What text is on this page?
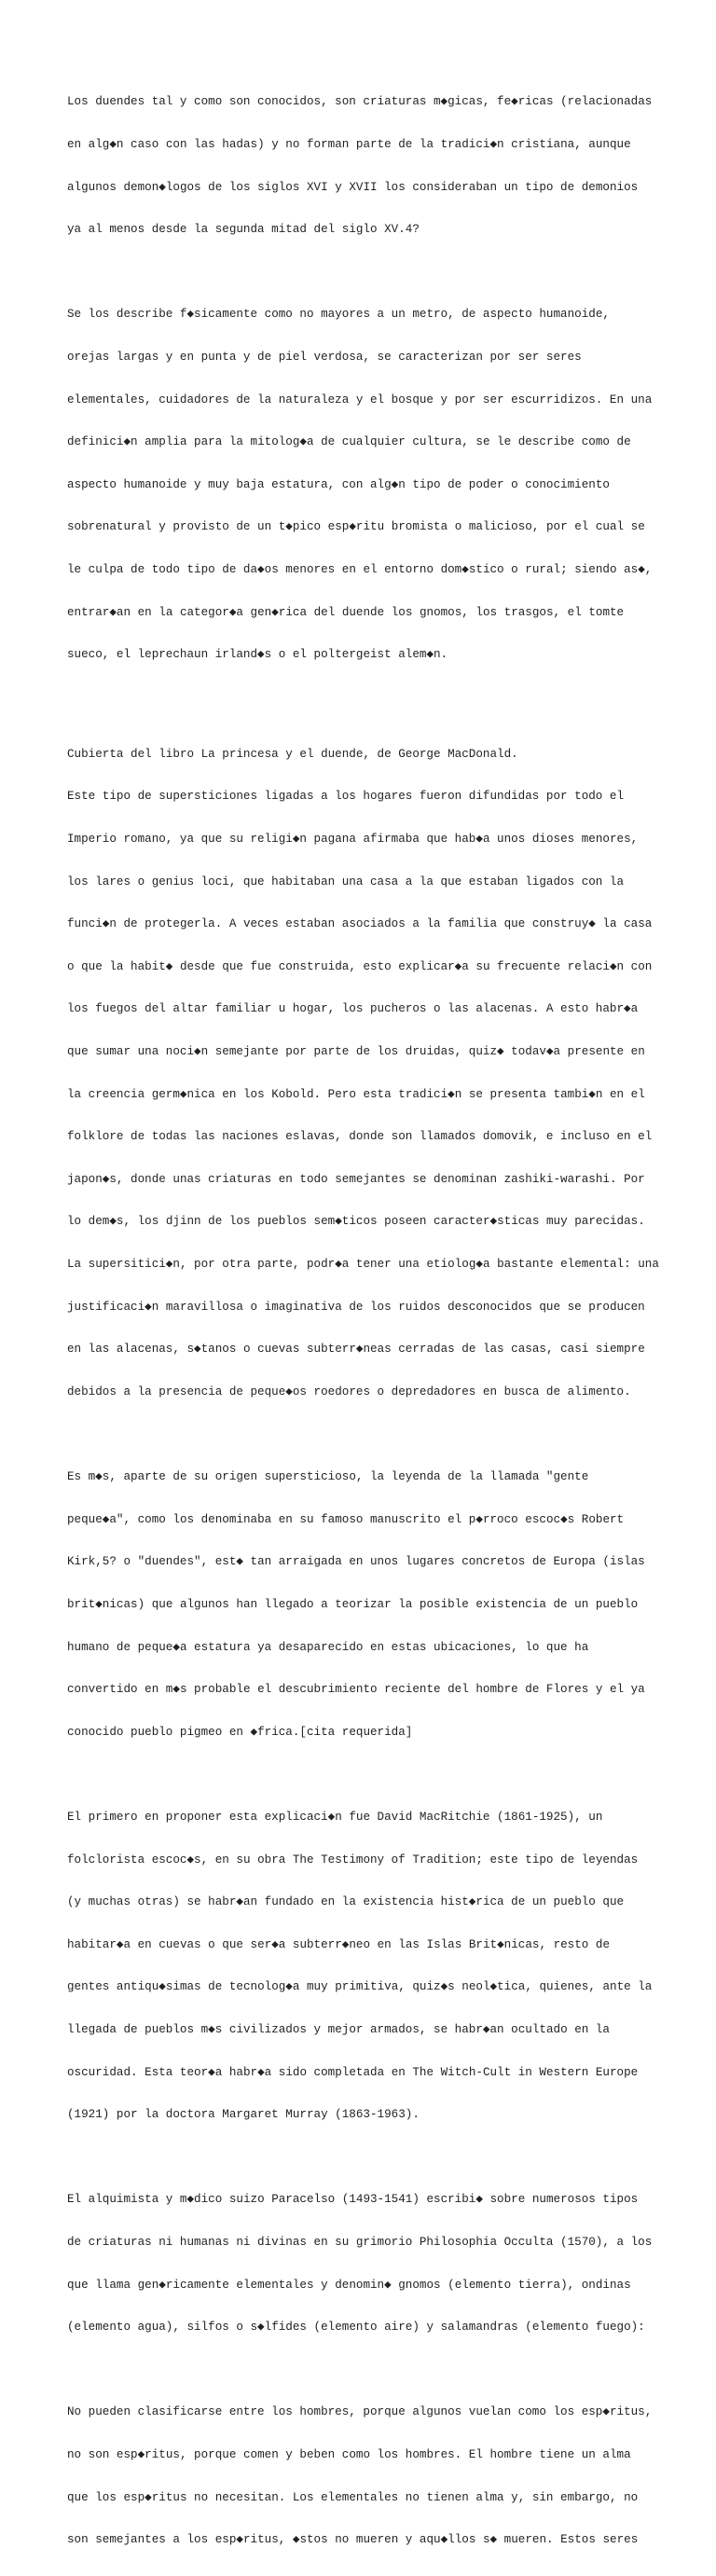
Los duendes tal y como son conocidos, son criaturas m◆gicas, fe◆ricas (relacionadas

en alg◆n caso con las hadas) y no forman parte de la tradici◆n cristiana, aunque

algunos demon◆logos de los siglos XVI y XVII los consideraban un tipo de demonios

ya al menos desde la segunda mitad del siglo XV.4?

Se los describe f◆sicamente como no mayores a un metro, de aspecto humanoide,

orejas largas y en punta y de piel verdosa, se caracterizan por ser seres

elementales, cuidadores de la naturaleza y el bosque y por ser escurridizos. En una

definici◆n amplia para la mitolog◆a de cualquier cultura, se le describe como de

aspecto humanoide y muy baja estatura, con alg◆n tipo de poder o conocimiento

sobrenatural y provisto de un t◆pico esp◆ritu bromista o malicioso, por el cual se

le culpa de todo tipo de da◆os menores en el entorno dom◆stico o rural; siendo as◆,

entrar◆an en la categor◆a gen◆rica del duende los gnomos, los trasgos, el tomte

sueco, el leprechaun irland◆s o el poltergeist alem◆n.

Cubierta del libro La princesa y el duende, de George MacDonald.

Este tipo de supersticiones ligadas a los hogares fueron difundidas por todo el

Imperio romano, ya que su religi◆n pagana afirmaba que hab◆a unos dioses menores,

los lares o genius loci, que habitaban una casa a la que estaban ligados con la

funci◆n de protegerla. A veces estaban asociados a la familia que construy◆ la casa

o que la habit◆ desde que fue construida, esto explicar◆a su frecuente relaci◆n con

los fuegos del altar familiar u hogar, los pucheros o las alacenas. A esto habr◆a

que sumar una noci◆n semejante por parte de los druidas, quiz◆ todav◆a presente en

la creencia germ◆nica en los Kobold. Pero esta tradici◆n se presenta tambi◆n en el

folklore de todas las naciones eslavas, donde son llamados domovik, e incluso en el

japon◆s, donde unas criaturas en todo semejantes se denominan zashiki-warashi. Por

lo dem◆s, los djinn de los pueblos sem◆ticos poseen caracter◆sticas muy parecidas.

La supersitici◆n, por otra parte, podr◆a tener una etiolog◆a bastante elemental: una

justificaci◆n maravillosa o imaginativa de los ruidos desconocidos que se producen

en las alacenas, s◆tanos o cuevas subterr◆neas cerradas de las casas, casi siempre

debidos a la presencia de peque◆os roedores o depredadores en busca de alimento.

Es m◆s, aparte de su origen supersticioso, la leyenda de la llamada "gente

peque◆a", como los denominaba en su famoso manuscrito el p◆rroco escoc◆s Robert

Kirk,5? o "duendes", est◆ tan arraigada en unos lugares concretos de Europa (islas

brit◆nicas) que algunos han llegado a teorizar la posible existencia de un pueblo

humano de peque◆a estatura ya desaparecido en estas ubicaciones, lo que ha

convertido en m◆s probable el descubrimiento reciente del hombre de Flores y el ya

conocido pueblo pigmeo en ◆frica.[cita requerida]

El primero en proponer esta explicaci◆n fue David MacRitchie (1861-1925), un

folclorista escoc◆s, en su obra The Testimony of Tradition; este tipo de leyendas

(y muchas otras) se habr◆an fundado en la existencia hist◆rica de un pueblo que

habitar◆a en cuevas o que ser◆a subterr◆neo en las Islas Brit◆nicas, resto de

gentes antiqu◆simas de tecnolog◆a muy primitiva, quiz◆s neol◆tica, quienes, ante la

llegada de pueblos m◆s civilizados y mejor armados, se habr◆an ocultado en la

oscuridad. Esta teor◆a habr◆a sido completada en The Witch-Cult in Western Europe

(1921) por la doctora Margaret Murray (1863-1963).

El alquimista y m◆dico suizo Paracelso (1493-1541) escribi◆ sobre numerosos tipos

de criaturas ni humanas ni divinas en su grimorio Philosophia Occulta (1570), a los

que llama gen◆ricamente elementales y denomin◆ gnomos (elemento tierra), ondinas

(elemento agua), silfos o s◆lfides (elemento aire) y salamandras (elemento fuego):

No pueden clasificarse entre los hombres, porque algunos vuelan como los esp◆ritus,

no son esp◆ritus, porque comen y beben como los hombres. El hombre tiene un alma

que los esp◆ritus no necesitan. Los elementales no tienen alma y, sin embargo, no

son semejantes a los esp◆ritus, ◆stos no mueren y aqu◆llos s◆ mueren. Estos seres
